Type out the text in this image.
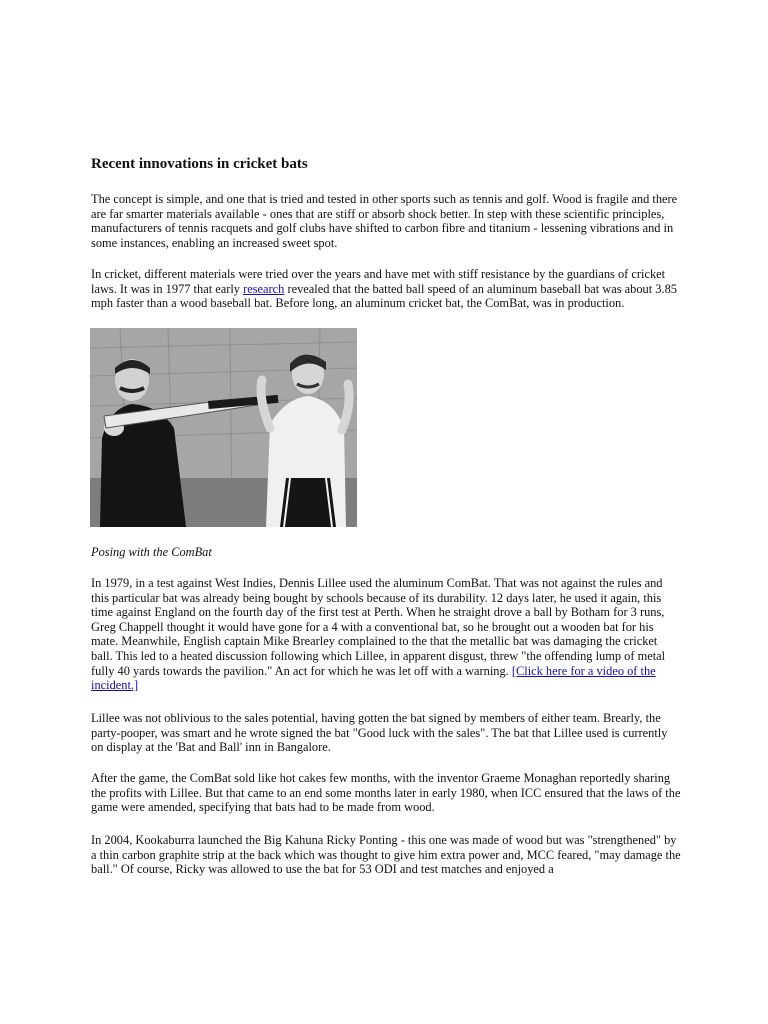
Recent innovations in cricket bats

The concept is simple, and one that is tried and tested in other sports such as tennis and golf. Wood is fragile and there are far smarter materials available - ones that are stiff or absorb shock better. In step with these scientific principles, manufacturers of tennis racquets and golf clubs have shifted to carbon fibre and titanium - lessening vibrations and in some instances, enabling an increased sweet spot.

In cricket, different materials were tried over the years and have met with stiff resistance by the guardians of cricket laws. It was in 1977 that early research revealed that the batted ball speed of an aluminum baseball bat was about 3.85 mph faster than a wood baseball bat. Before long, an aluminum cricket bat, the ComBat, was in production.

Posing with the ComBat

In 1979, in a test against West Indies, Dennis Lillee used the aluminum ComBat. That was not against the rules and this particular bat was already being bought by schools because of its durability. 12 days later, he used it again, this time against England on the fourth day of the first test at Perth. When he straight drove a ball by Botham for 3 runs, Greg Chappell thought it would have gone for a 4 with a conventional bat, so he brought out a wooden bat for his mate. Meanwhile, English captain Mike Brearley complained to the that the metallic bat was damaging the cricket ball. This led to a heated discussion following which Lillee, in apparent disgust, threw "the offending lump of metal fully 40 yards towards the pavilion." An act for which he was let off with a warning. [Click here for a video of the incident.]

Lillee was not oblivious to the sales potential, having gotten the bat signed by members of either team. Brearly, the party-pooper, was smart and he wrote signed the bat "Good luck with the sales". The bat that Lillee used is currently on display at the 'Bat and Ball' inn in Bangalore.

After the game, the ComBat sold like hot cakes few months, with the inventor Graeme Monaghan reportedly sharing the profits with Lillee. But that came to an end some months later in early 1980, when ICC ensured that the laws of the game were amended, specifying that bats had to be made from wood.

In 2004, Kookaburra launched the Big Kahuna Ricky Ponting - this one was made of wood but was "strengthened" by a thin carbon graphite strip at the back which was thought to give him extra power and, MCC feared, "may damage the ball." Of course, Ricky was allowed to use the bat for 53 ODI and test matches and enjoyed a
